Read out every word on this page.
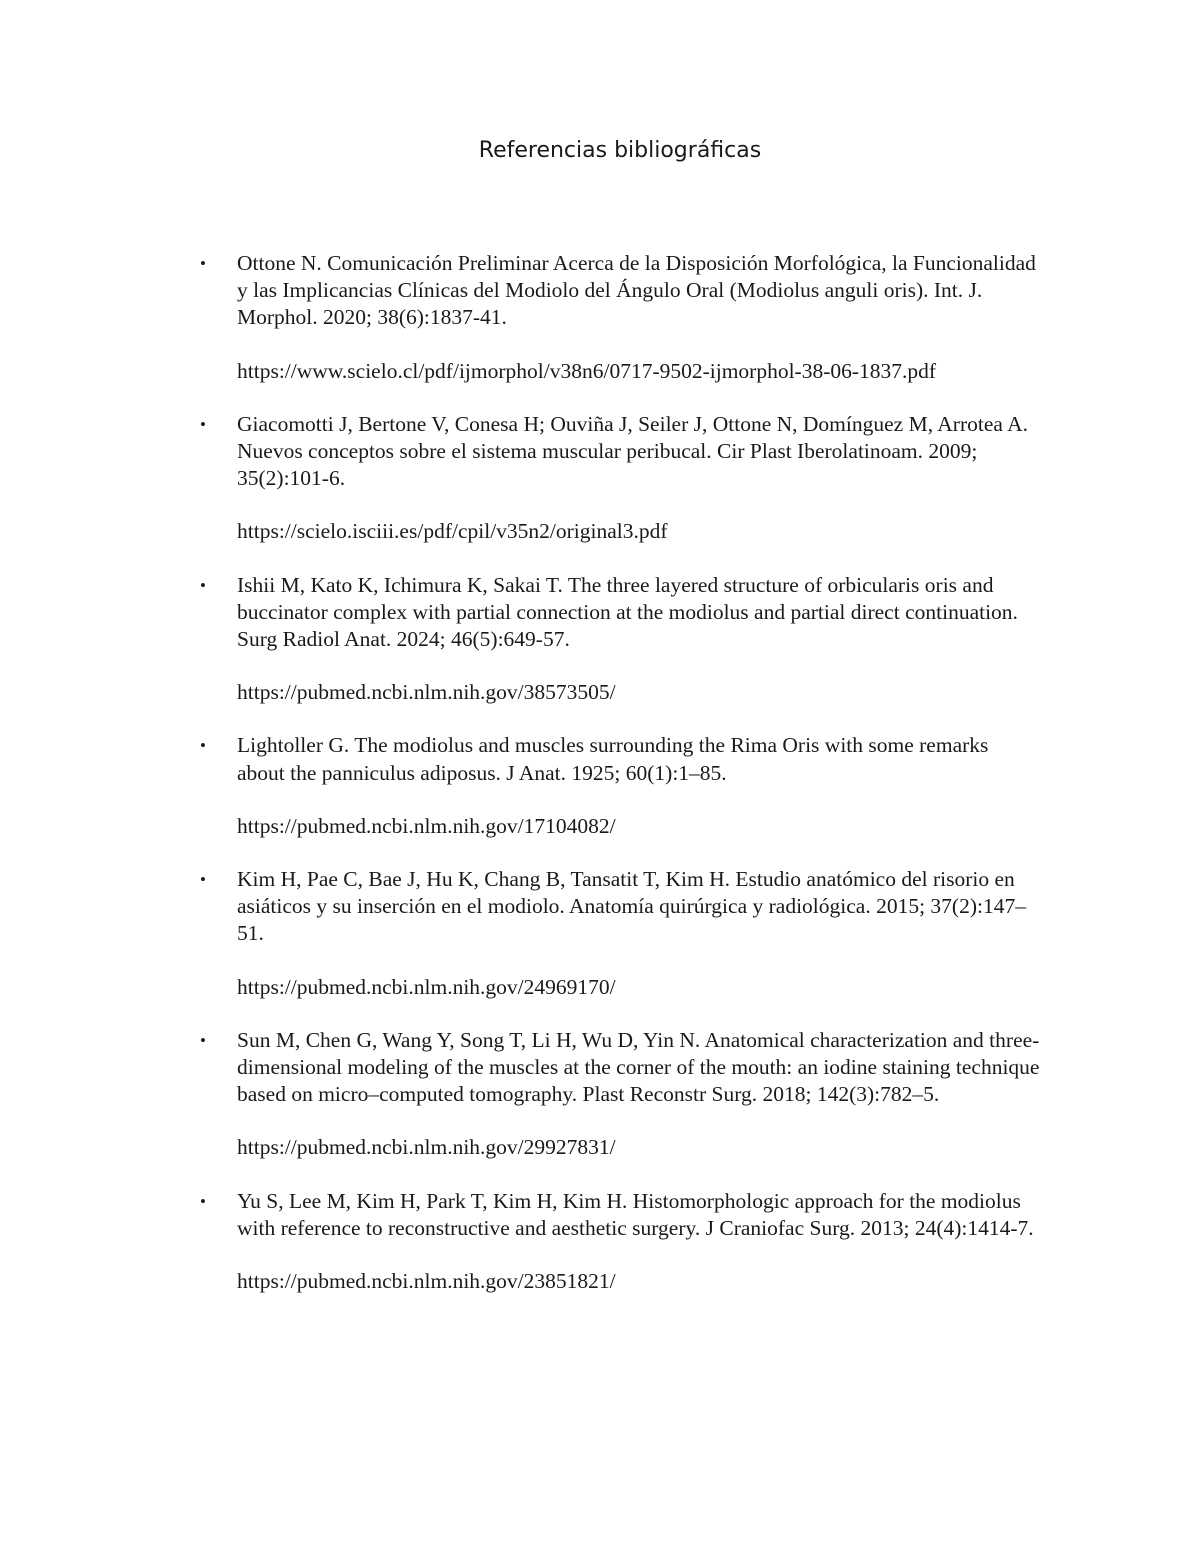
Referencias bibliográficas
•	Ottone N. Comunicación Preliminar Acerca de la Disposición Morfológica, la Funcionalidad y las Implicancias Clínicas del Modiolo del Ángulo Oral (Modiolus anguli oris). Int. J. Morphol. 2020; 38(6):1837-41.
https://www.scielo.cl/pdf/ijmorphol/v38n6/0717-9502-ijmorphol-38-06-1837.pdf
•	Giacomotti J, Bertone V, Conesa H; Ouviña J, Seiler J, Ottone N, Domínguez M, Arrotea A. Nuevos conceptos sobre el sistema muscular peribucal. Cir Plast Iberolatinoam. 2009; 35(2):101-6.
https://scielo.isciii.es/pdf/cpil/v35n2/original3.pdf
•	Ishii M, Kato K, Ichimura K, Sakai T. The three layered structure of orbicularis oris and buccinator complex with partial connection at the modiolus and partial direct continuation. Surg Radiol Anat. 2024; 46(5):649-57.
https://pubmed.ncbi.nlm.nih.gov/38573505/
•	Lightoller G. The modiolus and muscles surrounding the Rima Oris with some remarks about the panniculus adiposus. J Anat. 1925; 60(1):1–85.
https://pubmed.ncbi.nlm.nih.gov/17104082/
•	Kim H, Pae C, Bae J, Hu K, Chang B, Tansatit T, Kim H. Estudio anatómico del risorio en asiáticos y su inserción en el modiolo. Anatomía quirúrgica y radiológica. 2015; 37(2):147–51.
https://pubmed.ncbi.nlm.nih.gov/24969170/
•	Sun M, Chen G, Wang Y, Song T, Li H, Wu D, Yin N. Anatomical characterization and three-dimensional modeling of the muscles at the corner of the mouth: an iodine staining technique based on micro–computed tomography. Plast Reconstr Surg. 2018; 142(3):782–5.
https://pubmed.ncbi.nlm.nih.gov/29927831/
•	Yu S, Lee M, Kim H, Park T, Kim H, Kim H. Histomorphologic approach for the modiolus with reference to reconstructive and aesthetic surgery. J Craniofac Surg. 2013; 24(4):1414-7.
https://pubmed.ncbi.nlm.nih.gov/23851821/
